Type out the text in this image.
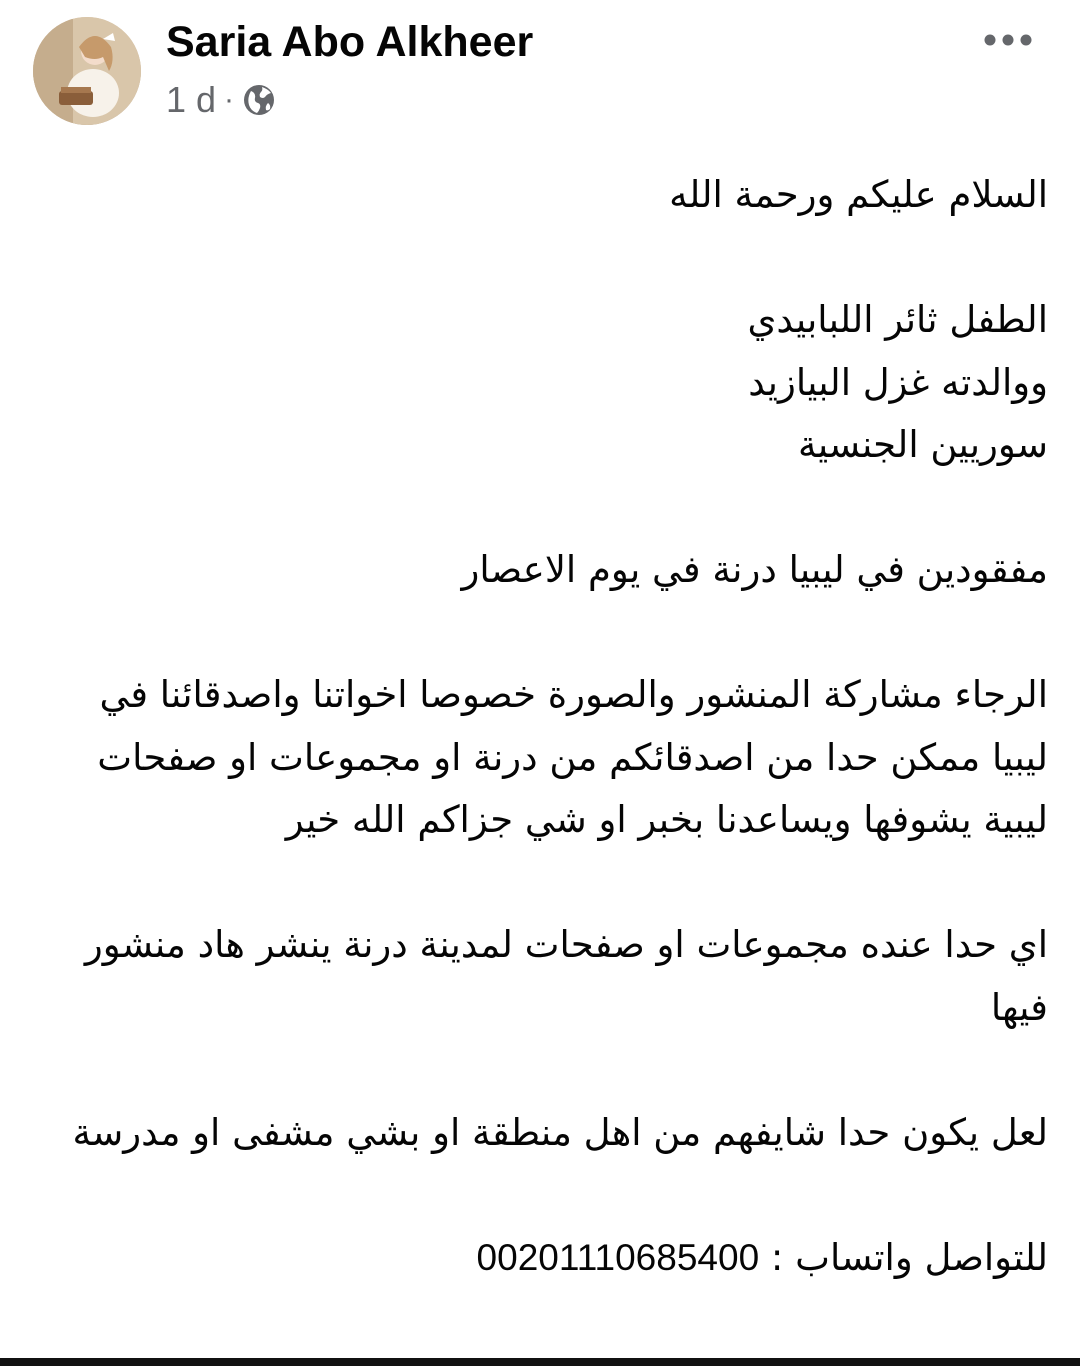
Saria Abo Alkheer
1 d ·

السلام عليكم ورحمة الله

الطفل ثائر اللبابيدي

ووالدته غزل البيازيد

سوريين الجنسية

مفقودين في ليبيا درنة في يوم الاعصار

الرجاء مشاركة المنشور والصورة خصوصا اخواتنا واصدقائنا في ليبيا ممكن حدا من اصدقائكم من درنة او مجموعات او صفحات ليبية يشوفها ويساعدنا بخبر او شي جزاكم الله خير

اي حدا عنده مجموعات او صفحات لمدينة درنة ينشر هاد منشور فيها

لعل يكون حدا شايفهم من اهل منطقة او بشي مشفى او مدرسة

للتواصل واتساب : 00201110685400
